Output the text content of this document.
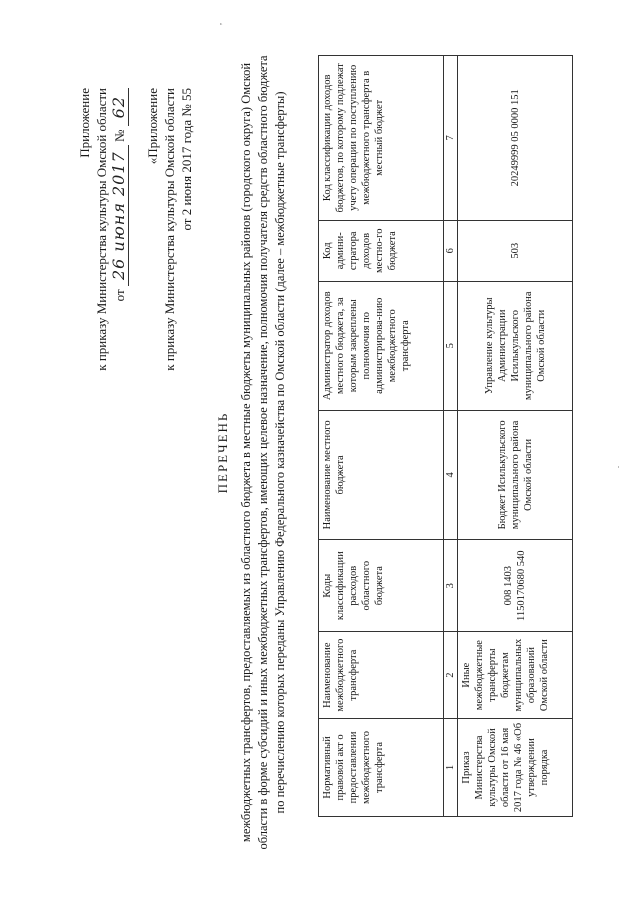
Приложение к приказу Министерства культуры Омской области от 26 июня 2017 № 62 «Приложение к приказу Министерства культуры Омской области от 2 июня 2017 года № 55
ПЕРЕЧЕНЬ межбюджетных трансфертов, предоставляемых из областного бюджета в местные бюджеты муниципальных районов (городского округа) Омской области в форме субсидий и иных межбюджетных трансфертов, имеющих целевое назначение, полномочия получателя средств областного бюджета по перечислению которых переданы Управлению Федерального казначейства по Омской области (далее – межбюджетные трансферты)	Нормативный правовой акт о предоставлении межбюджетного трансферта	Наименование межбюджетного трансферта	Коды классификации расходов областного бюджета	Наименование местного бюджета	Администратор доходов местного бюджета, за которым закреплены полномочия по администрирова-нию межбюджетного трансферта	Код админи-стратора доходов местно-го бюджета	Код классификации доходов бюджетов, по которому подлежат учету операции по поступлению межбюджетного трансферта в местный бюджет
1	2	3	4	5	6	7
Приказ Министерства культуры Омской области от 16 мая 2017 года № 46 «Об утверждении порядка	Иные межбюджетные трансферты бюджетам муниципальных образований Омской области	008 1403 1150170680 540	Бюджет Исилькульского муниципального района Омской области	Управление культуры Администрации Исилькульского муниципального района Омской области	503	20249999 05 0000 151
,
.
